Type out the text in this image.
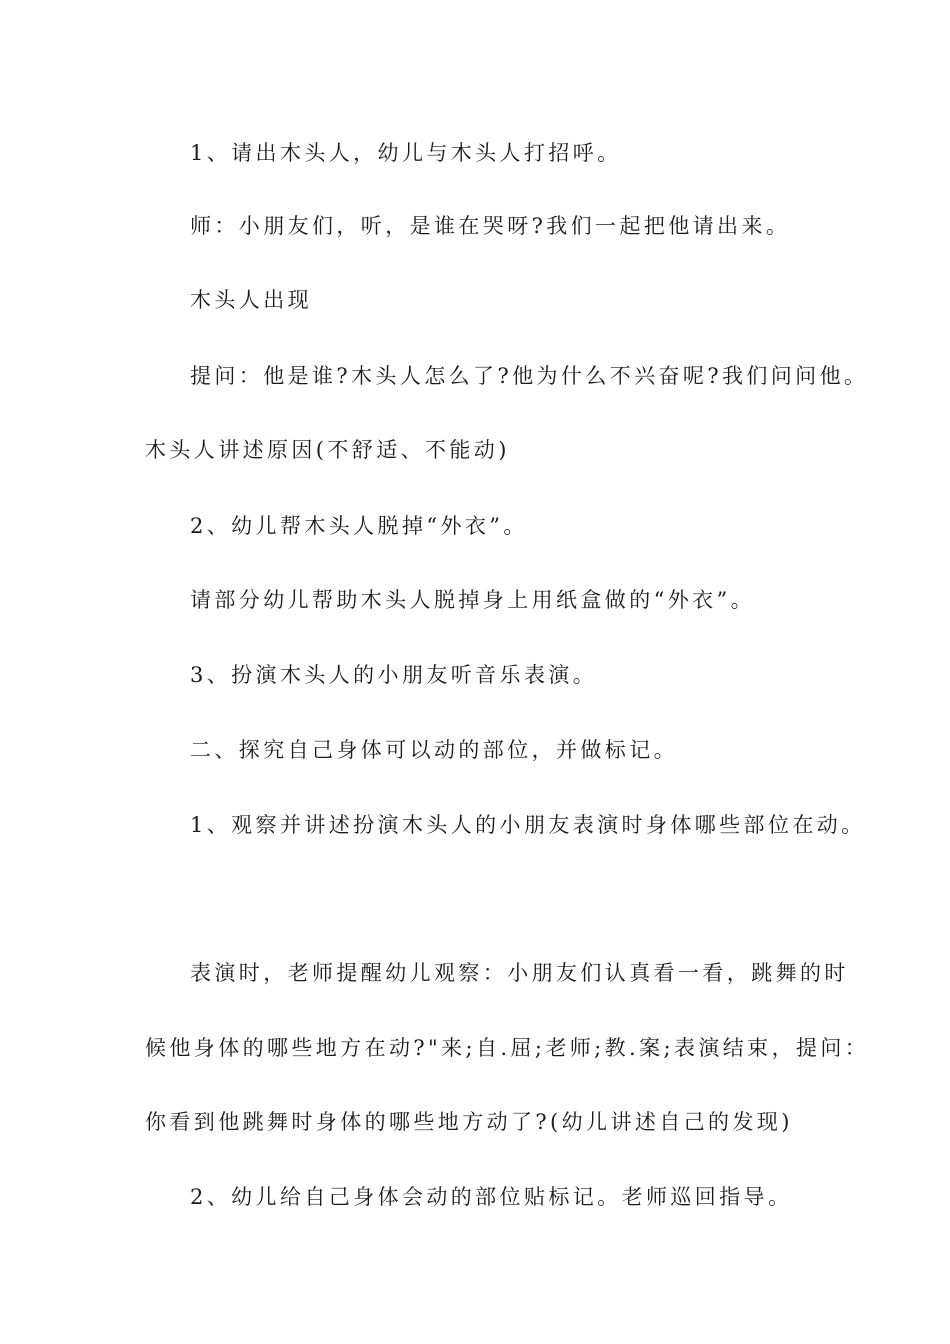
1、请出木头人，幼儿与木头人打招呼。
师：小朋友们，听，是谁在哭呀?我们一起把他请出来。
木头人出现
提问：他是谁?木头人怎么了?他为什么不兴奋呢?我们问问他。
木头人讲述原因(不舒适、不能动)
2、幼儿帮木头人脱掉“外衣”。
请部分幼儿帮助木头人脱掉身上用纸盒做的“外衣”。
3、扮演木头人的小朋友听音乐表演。
二、探究自己身体可以动的部位，并做标记。
1、观察并讲述扮演木头人的小朋友表演时身体哪些部位在动。
表演时，老师提醒幼儿观察：小朋友们认真看一看，跳舞的时
候他身体的哪些地方在动?"来;自.屈;老师;教.案;表演结束，提问：
你看到他跳舞时身体的哪些地方动了?(幼儿讲述自己的发现)
2、幼儿给自己身体会动的部位贴标记。老师巡回指导。
